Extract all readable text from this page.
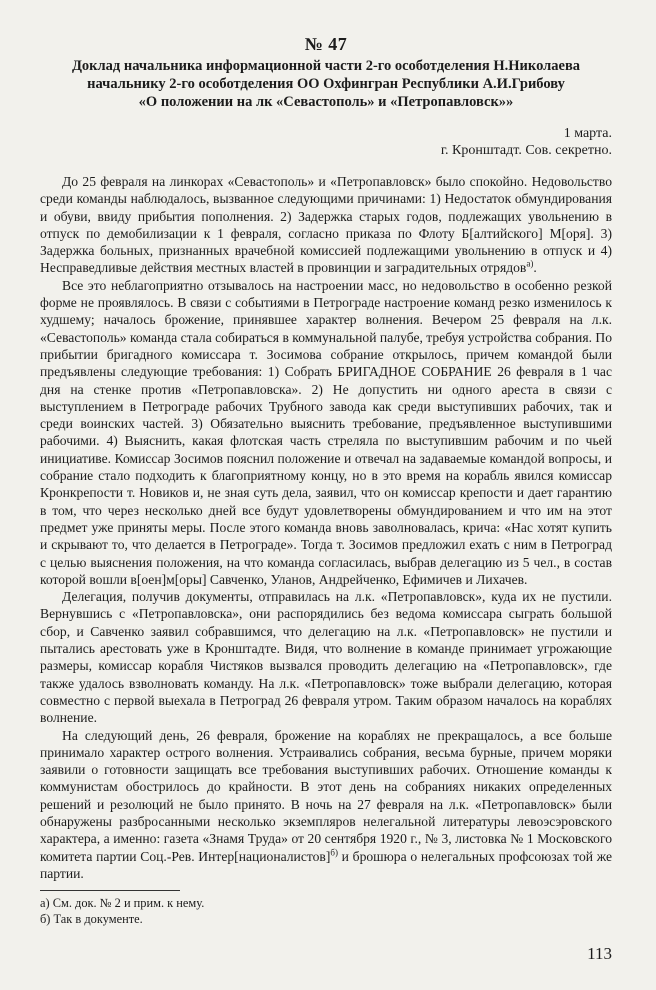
№ 47
Доклад начальника информационной части 2-го особотделения Н.Николаева
начальнику 2-го особотделения ОО Охфингран Республики А.И.Грибову
«О положении на лк «Севастополь» и «Петропавловск»»
1 марта.
г. Кронштадт. Сов. секретно.

До 25 февраля на линкорах «Севастополь» и «Петропавловск» было спокойно. Недовольство среди команды наблюдалось, вызванное следующими причинами: 1) Недостаток обмундирования и обуви, ввиду прибытия пополнения. 2) Задержка старых годов, подлежащих увольнению в отпуск по демобилизации к 1 февраля, согласно приказа по Флоту Б[алтийского] М[оря]. 3) Задержка больных, признанных врачебной комиссией подлежащими увольнению в отпуск и 4) Несправедливые действия местных властей в провинции и заградительных отрядов$^{а)}$.

Все это неблагоприятно отзывалось на настроении масс, но недовольство в особенно резкой форме не проявлялось. В связи с событиями в Петрограде настроение команд резко изменилось к худшему; началось брожение, принявшее характер волнения. Вечером 25 февраля на л.к. «Севастополь» команда стала собираться в коммунальной палубе, требуя устройства собрания. По прибытии бригадного комиссара т. Зосимова собрание открылось, причем командой были предъявлены следующие требования: 1) Собрать БРИГАДНОЕ СОБРАНИЕ 26 февраля в 1 час дня на стенке против «Петропавловска». 2) Не допустить ни одного ареста в связи с выступлением в Петрограде рабочих Трубного завода как среди выступивших рабочих, так и среди воинских частей. 3) Обязательно выяснить требование, предъявленное выступившими рабочими. 4) Выяснить, какая флотская часть стреляла по выступившим рабочим и по чьей инициативе. Комиссар Зосимов пояснил положение и отвечал на задаваемые командой вопросы, и собрание стало подходить к благоприятному концу, но в это время на корабль явился комиссар Кронкрепости т. Новиков и, не зная суть дела, заявил, что он комиссар крепости и дает гарантию в том, что через несколько дней все будут удовлетворены обмундированием и что им на этот предмет уже приняты меры. После этого команда вновь заволновалась, крича: «Нас хотят купить и скрывают то, что делается в Петрограде». Тогда т. Зосимов предложил ехать с ним в Петроград с целью выяснения положения, на что команда согласилась, выбрав делегацию из 5 чел., в состав которой вошли в[оен]м[оры] Савченко, Уланов, Андрейченко, Ефимичев и Лихачев.

Делегация, получив документы, отправилась на л.к. «Петропавловск», куда их не пустили. Вернувшись с «Петропавловска», они распорядились без ведома комиссара сыграть большой сбор, и Савченко заявил собравшимся, что делегацию на л.к. «Петропавловск» не пустили и пытались арестовать уже в Кронштадте. Видя, что волнение в команде принимает угрожающие размеры, комиссар корабля Чистяков вызвался проводить делегацию на «Петропавловск», где также удалось взволновать команду. На л.к. «Петропавловск» тоже выбрали делегацию, которая совместно с первой выехала в Петроград 26 февраля утром. Таким образом началось на кораблях волнение.

На следующий день, 26 февраля, брожение на кораблях не прекращалось, а все больше принимало характер острого волнения. Устраивались собрания, весьма бурные, причем моряки заявили о готовности защищать все требования выступивших рабочих. Отношение команды к коммунистам обострилось до крайности. В этот день на собраниях никаких определенных решений и резолюций не было принято. В ночь на 27 февраля на л.к. «Петропавловск» были обнаружены разбросанными несколько экземпляров нелегальной литературы левоэсэровского характера, а именно: газета «Знамя Труда» от 20 сентября 1920 г., № 3, листовка № 1 Московского комитета партии Соц.-Рев. Интер[националистов]$^{б)}$ и брошюра о нелегальных профсоюзах той же партии.

а) См. док. № 2 и прим. к нему.
б) Так в документе.
113
